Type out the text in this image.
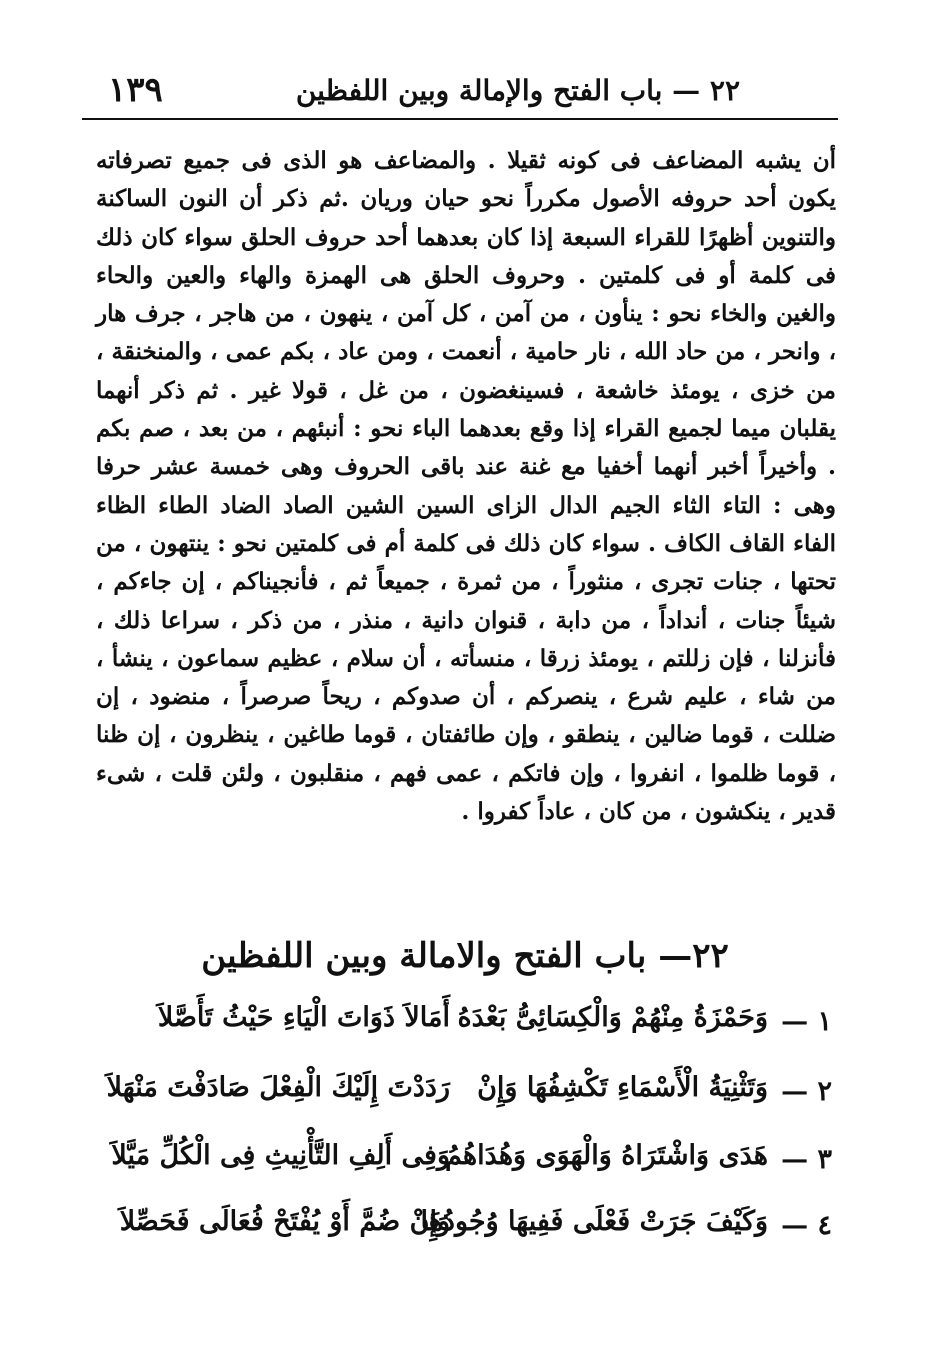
٢٢ — باب الفتح والإمالة وبين اللفظين
١٣٩

أن يشبه المضاعف فى كونه ثقيلا . والمضاعف هو الذى فى جميع تصرفاته يكون أحد حروفه الأصول مكرراً نحو حيان وريان .ثم ذكر أن النون الساكنة والتنوين أظهرًا للقراء السبعة إذا كان بعدهما أحد حروف الحلق سواء كان ذلك فى كلمة أو فى كلمتين . وحروف الحلق هى الهمزة والهاء والعين والحاء والغين والخاء نحو : ينأون ، من آمن ، كل آمن ، ينهون ، من هاجر ، جرف هار ، وانحر ، من حاد الله ، نار حامية ، أنعمت ، ومن عاد ، بكم عمى ، والمنخنقة ، من خزى ، يومئذ خاشعة ، فسينغضون ، من غل ، قولا غير . ثم ذكر أنهما يقلبان ميما لجميع القراء إذا وقع بعدهما الباء نحو : أنبئهم ، من بعد ، صم بكم . وأخيراً أخبر أنهما أخفيا مع غنة عند باقى الحروف وهى خمسة عشر حرفا وهى : التاء الثاء الجيم الدال الزاى السين الشين الصاد الضاد الطاء الظاء الفاء القاف الكاف . سواء كان ذلك فى كلمة أم فى كلمتين نحو : ينتهون ، من تحتها ، جنات تجرى ، منثوراً ، من ثمرة ، جميعاً ثم ، فأنجيناكم ، إن جاءكم ، شيئاً جنات ، أنداداً ، من دابة ، قنوان دانية ، منذر ، من ذكر ، سراعا ذلك ، فأنزلنا ، فإن زللتم ، يومئذ زرقا ، منسأته ، أن سلام ، عظيم سماعون ، ينشأ ، من شاء ، عليم شرع ، ينصركم ، أن صدوكم ، ريحاً صرصراً ، منضود ، إن ضللت ، قوما ضالين ، ينطقو ، وإن طائفتان ، قوما طاغين ، ينظرون ، إن ظنا ، قوما ظلموا ، انفروا ، وإن فاتكم ، عمى فهم ، منقلبون ، ولئن قلت ، شىء قدير ، ينكشون ، من كان ، عاداً كفروا .

٢٢— باب الفتح والامالة وبين اللفظين
١ —
وَحَمْزَةُ مِنْهُمْ وَالْكِسَائِىُّ بَعْدَهُ
أَمَالاَ ذَوَاتَ الْيَاءِ حَيْثُ تَأَصَّلاَ
٢ —
وَتَثْنِيَةُ الْأَسْمَاءِ تَكْشِفُهَا وَإِنْ
رَدَدْتَ إِلَيْكَ الْفِعْلَ صَادَفْتَ مَنْهَلاَ
٣ —
هَدَى وَاشْتَرَاهُ وَالْهَوَى وَهُدَاهُمُ
وَفِى أَلِفِ التَّأْنِيثِ فِى الْكُلِّ مَيَّلاَ
٤ —
وَكَيْفَ جَرَتْ فَعْلَى فَفِيهَا وُجُودُهَا
وَإِنْ ضُمَّ أَوْ يُفْتَحْ فُعَالَى فَحَصِّلاَ
